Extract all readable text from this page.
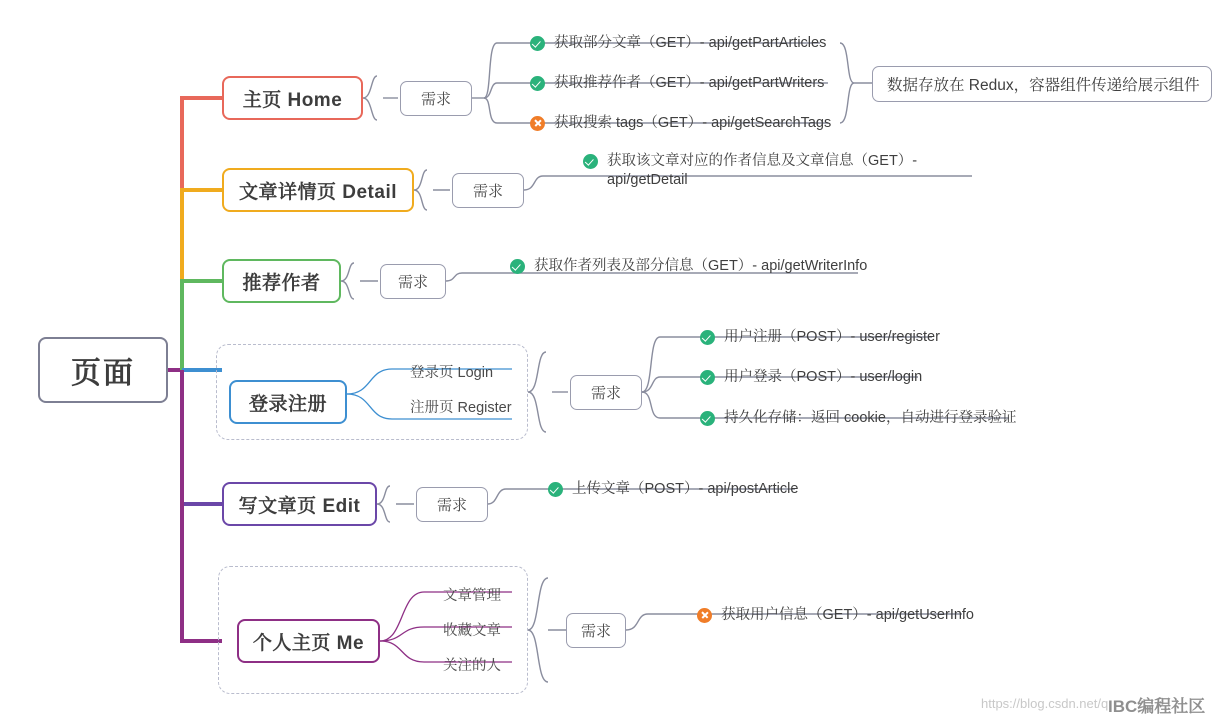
页面
主页 Home	需求
获取部分文章（GET）- api/getPartArticles
获取推荐作者（GET）- api/getPartWriters
获取搜索 tags（GET）- api/getSearchTags
数据存放在 Redux，容器组件传递给展示组件
文章详情页 Detail	需求
获取该文章对应的作者信息及文章信息（GET）- api/getDetail
推荐作者	需求
获取作者列表及部分信息（GET）- api/getWriterInfo
登录注册
登录页 Login
注册页 Register
需求
用户注册（POST）- user/register
用户登录（POST）- user/login
持久化存储：返回 cookie，自动进行登录验证
写文章页 Edit	需求
上传文章（POST）- api/postArticle
个人主页 Me
文章管理
收藏文章
关注的人
需求
获取用户信息（GET）- api/getUserInfo
https://blog.csdn.net/q IBC编程社区
